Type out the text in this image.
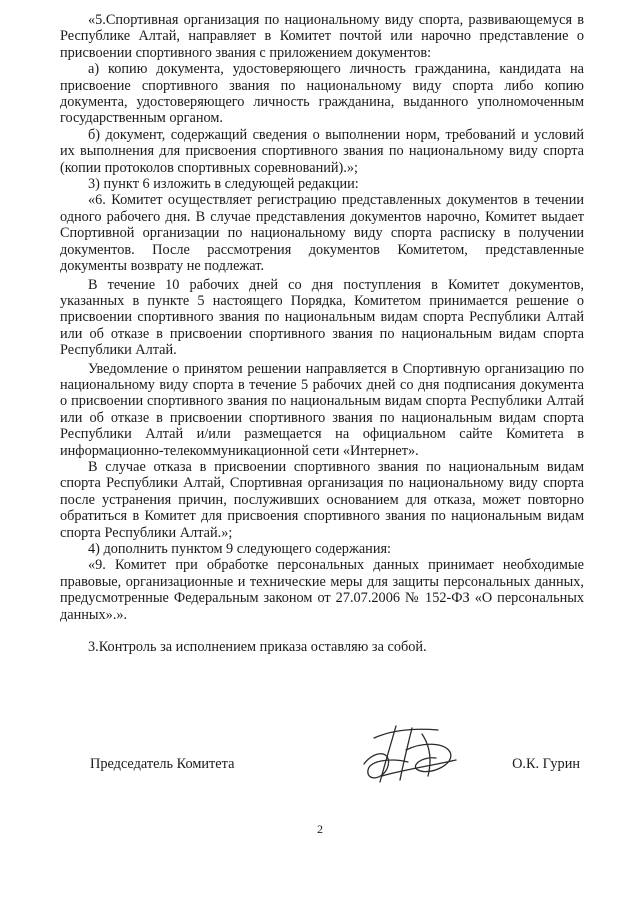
«5.Спортивная организация по национальному виду спорта, развивающемуся в Республике Алтай, направляет в Комитет почтой или нарочно представление о присвоении спортивного звания с приложением документов:

а) копию документа, удостоверяющего личность гражданина, кандидата на присвоение спортивного звания по национальному виду спорта либо копию документа, удостоверяющего личность гражданина, выданного уполномоченным государственным органом.

б) документ, содержащий сведения о выполнении норм, требований и условий их выполнения для присвоения спортивного звания по национальному виду спорта (копии протоколов спортивных соревнований).»;

3) пункт 6 изложить в следующей редакции:

«6. Комитет осуществляет регистрацию представленных документов в течении одного рабочего дня. В случае представления документов нарочно, Комитет выдает Спортивной организации по национальному виду спорта расписку в получении документов. После рассмотрения документов Комитетом, представленные документы возврату не подлежат.

В течение 10 рабочих дней со дня поступления в Комитет документов, указанных в пункте 5 настоящего Порядка, Комитетом принимается решение о присвоении спортивного звания по национальным видам спорта Республики Алтай или об отказе в присвоении спортивного звания по национальным видам спорта Республики Алтай.

Уведомление о принятом решении направляется в Спортивную организацию по национальному виду спорта в течение 5 рабочих дней со дня подписания документа о присвоении спортивного звания по национальным видам спорта Республики Алтай или об отказе в присвоении спортивного звания по национальным видам спорта Республики Алтай и/или размещается на официальном сайте Комитета в информационно-телекоммуникационной сети «Интернет».

В случае отказа в присвоении спортивного звания по национальным видам спорта Республики Алтай, Спортивная организация по национальному виду спорта после устранения причин, послуживших основанием для отказа, может повторно обратиться в Комитет для присвоения спортивного звания по национальным видам спорта Республики Алтай.»;

4) дополнить пунктом 9 следующего содержания:

«9. Комитет при обработке персональных данных принимает необходимые правовые, организационные и технические меры для защиты персональных данных, предусмотренные Федеральным законом от 27.07.2006 № 152-ФЗ «О персональных данных».».

3.Контроль за исполнением приказа оставляю за собой.

Председатель Комитета	О.К. Гурин
2
